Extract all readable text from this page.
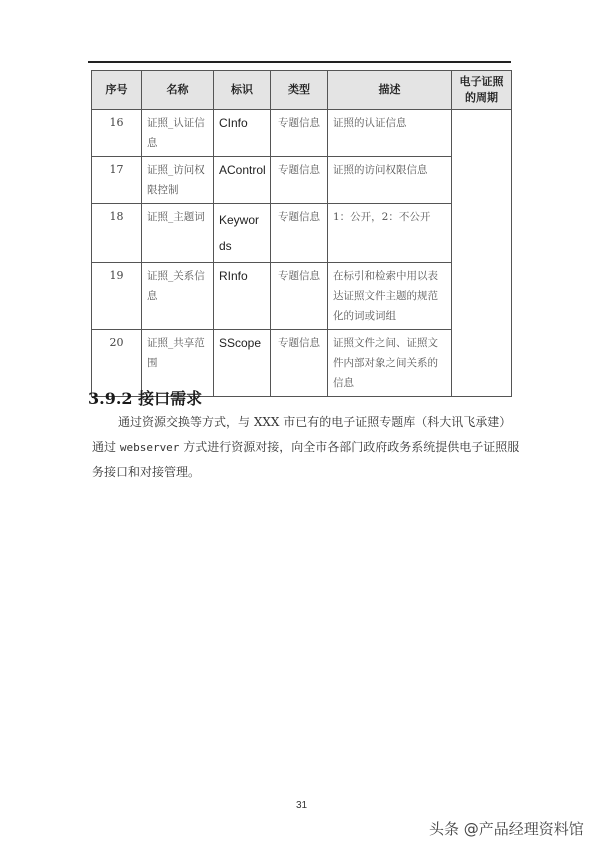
序号	名称	标识	类型	描述	电子证照的周期
16	证照_认证信息	CInfo	专题信息	证照的认证信息	
17	证照_访问权限控制	AControl	专题信息	证照的访问权限信息	
18	证照_主题词	Keywords	专题信息	1：公开，2：不公开	
19	证照_关系信息	RInfo	专题信息	在标引和检索中用以表达证照文件主题的规范化的词或词组	
20	证照_共享范围	SScope	专题信息	证照文件之间、证照文件内部对象之间关系的信息	
3.9.2 接口需求
通过资源交换等方式，与 XXX 市已有的电子证照专题库（科大讯飞承建）通过 webserver 方式进行资源对接，向全市各部门政府政务系统提供电子证照服务接口和对接管理。
31
头条 @产品经理资料馆
